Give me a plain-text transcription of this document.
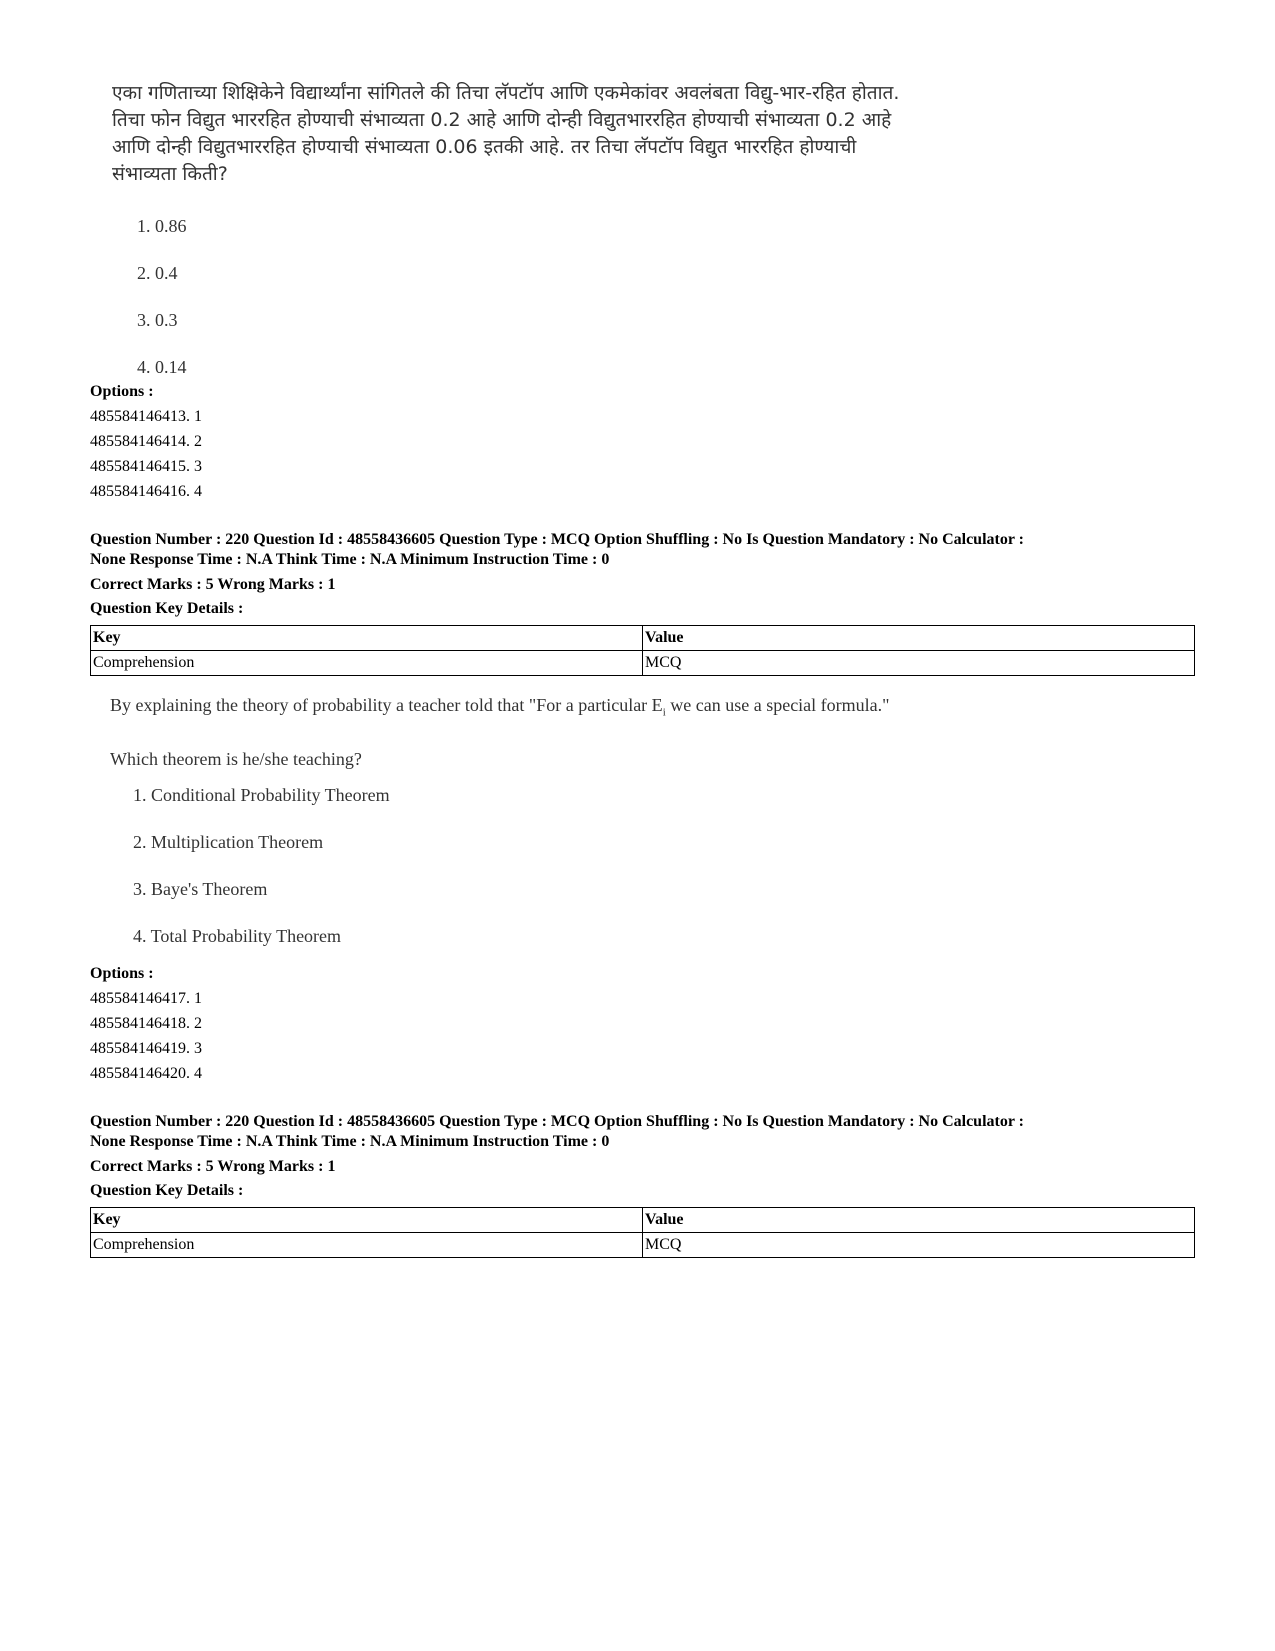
एका गणिताच्या शिक्षिकेने विद्यार्थ्यांना सांगितले की तिचा लॅपटॉप आणि एकमेकांवर अवलंबता विद्यु-भार-रहित होतात.

तिचा फोन विद्युत भाररहित होण्याची संभाव्यता 0.2 आहे आणि दोन्ही विद्युतभाररहित होण्याची संभाव्यता 0.2 आहे

आणि दोन्ही विद्युतभाररहित होण्याची संभाव्यता 0.06 इतकी आहे. तर तिचा लॅपटॉप विद्युत भाररहित होण्याची

संभाव्यता किती?

1. 0.86
2. 0.4
3. 0.3
4. 0.14

Options :

485584146413. 1

485584146414. 2

485584146415. 3

485584146416. 4

Question Number : 220 Question Id : 48558436605 Question Type : MCQ Option Shuffling : No Is Question Mandatory : No Calculator :

None Response Time : N.A Think Time : N.A Minimum Instruction Time : 0

Correct Marks : 5 Wrong Marks : 1

Question Key Details :

Key	Value
Comprehension	MCQ

By explaining the theory of probability a teacher told that "For a particular $E_i$ we can use a special formula."

Which theorem is he/she teaching?

1. Conditional Probability Theorem
2. Multiplication Theorem
3. Baye's Theorem
4. Total Probability Theorem

Options :

485584146417. 1

485584146418. 2

485584146419. 3

485584146420. 4

Question Number : 220 Question Id : 48558436605 Question Type : MCQ Option Shuffling : No Is Question Mandatory : No Calculator :

None Response Time : N.A Think Time : N.A Minimum Instruction Time : 0

Correct Marks : 5 Wrong Marks : 1

Question Key Details :

Key	Value
Comprehension	MCQ
